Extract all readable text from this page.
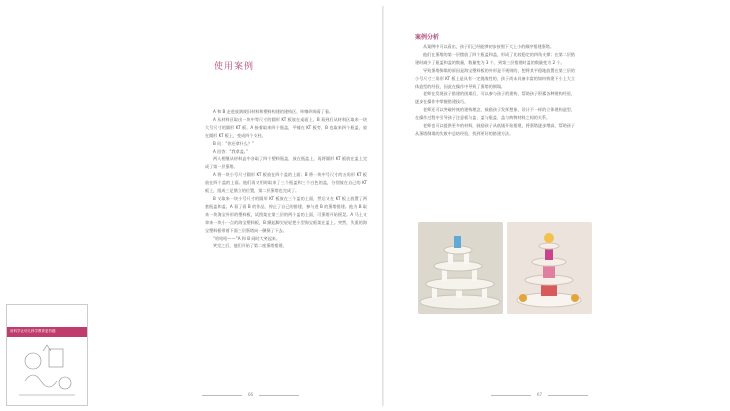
使用案例

A 和 B 走进放满废旧材料和塑料构建的建构区，咔嚓四周看了看。

A 从材料区取出一块中等尺寸的圆形 KT 板放在桌面上，B 看到后从材料区取来一块大号尺寸的圆形 KT 板。A 接着取来四个瓶盖，平铺在 KT 板旁，B 也取来四个瓶盖，放在圆形 KT 板上，变成四个支柱。

B 问：“你还拿什么？”

A 回答：“我拿盖。”

两人相继从材料盒中各取了四个塑料瓶盖，放在瓶盖上，再将圆形 KT 板放在盖上完成了第一层蛋塔。

A 将一块小号尺寸圆形 KT 板放在四个盖的上面；B 将一块中号尺寸的五角形 KT 板放在四个盖的上面。他们再又用时取来了三个瓶盖和三个白色的盖，分别放在自己的 KT 板上，组成三足鼎立的位置，第二层蛋塔也完成了。

B 又取来一块小号尺寸的圆形 KT 板放在三个盖的上面，然后又在 KT 板上放置了两套瓶盖和盖。A 看了看 B 的作品，停止了自己的搭建，参与进 B 的蛋塔搭建。他为 B 取来一块海宝外形的塑料板，试图架在第三层的两个盖的上面，可蛋塔开始摇晃。A 马上又拿来一块小一点的海宝塑料板，B 蹑起脚尖轻轻把小型海宝板架在盖上。突然，失重的海宝塑料板带着下面三层蛋塔向一侧倒了下去。

“哈哈哈——”A 和 B 同时大笑起来。

笑完之后，他们开始了第二座蛋塔搭建。

案例分析

从案例中可以看出，孩子们已经能够初步按照下大上小的顺序搭建蛋塔。

他们在蛋塔的第一层摆放了四个瓶盖和盖，形成了比较稳定的四角支撑；在第二层搭建时减少了瓶盖和盖的数量，数量变为 3 个，到第三层搭建时盖的数量变为 2 个。

导致蛋塔倒塌的原因是海宝塑料板的外形是不规则的，想将其平稳地放置在第三层的小号尺寸三角形 KT 板上是具有一定挑战性的，孩子尚未具备丰富的如何构建下小上大立体造型的经验，因此在操作中导致了蛋塔的倒塌。

老师在发现孩子搭建的困难后，可以参与孩子的建构，帮助孩子积累各种建构经验，逐步在操作中掌握搭建技巧。

老师还可以突破传统的建构理念，鼓励孩子发挥想象，设计不一样的立体建构造型，在操作过程中引导孩子注意板与盖、盖与瓶盖、盖与购物材料之间的关系。

老师也可以提供更多的材料，鼓励孩子从低矮开始搭建，将蛋塔逐步增高，帮助孩子从蛋塔倒塌的失败中总结经验，找到更好的搭建方法。

66	67
用科学让幼儿科学教育更有趣
